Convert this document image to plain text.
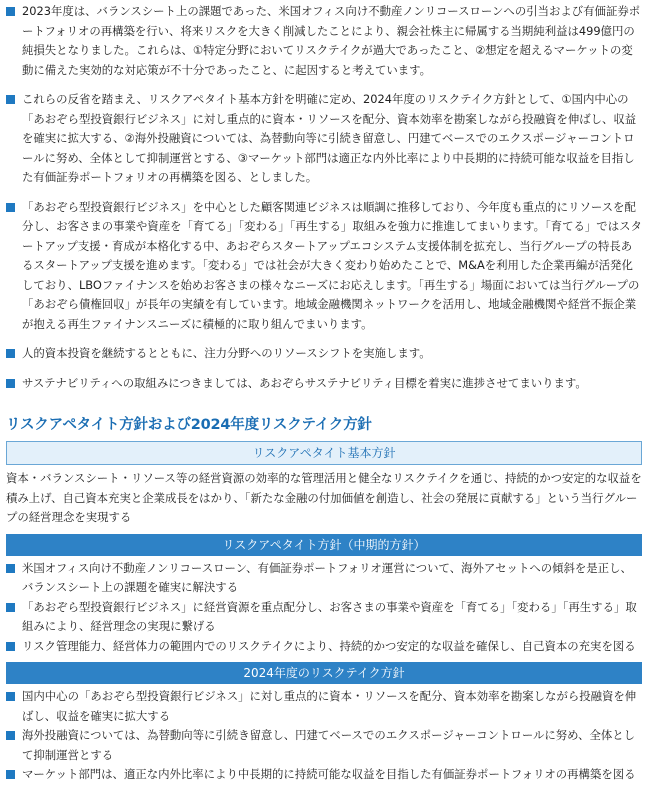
2023年度は、バランスシート上の課題であった、米国オフィス向け不動産ノンリコースローンへの引当および有価証券ポートフォリオの再構築を行い、将来リスクを大きく削減したことにより、親会社株主に帰属する当期純利益は499億円の純損失となりました。これらは、①特定分野においてリスクテイクが過大であったこと、②想定を超えるマーケットの変動に備えた実効的な対応策が不十分であったこと、に起因すると考えています。
これらの反省を踏まえ、リスクアペタイト基本方針を明確に定め、2024年度のリスクテイク方針として、①国内中心の「あおぞら型投資銀行ビジネス」に対し重点的に資本・リソースを配分、資本効率を勘案しながら投融資を伸ばし、収益を確実に拡大する、②海外投融資については、為替動向等に引続き留意し、円建てベースでのエクスポージャーコントロールに努め、全体として抑制運営とする、③マーケット部門は適正な内外比率により中長期的に持続可能な収益を目指した有価証券ポートフォリオの再構築を図る、としました。
「あおぞら型投資銀行ビジネス」を中心とした顧客関連ビジネスは順調に推移しており、今年度も重点的にリソースを配分し、お客さまの事業や資産を「育てる」「変わる」「再生する」取組みを強力に推進してまいります。「育てる」ではスタートアップ支援・育成が本格化する中、あおぞらスタートアップエコシステム支援体制を拡充し、当行グループの特長あるスタートアップ支援を進めます。「変わる」では社会が大きく変わり始めたことで、M&Aを利用した企業再編が活発化しており、LBOファイナンスを始めお客さまの様々なニーズにお応えします。「再生する」場面においては当行グループの「あおぞら債権回収」が長年の実績を有しています。地域金融機関ネットワークを活用し、地域金融機関や経営不振企業が抱える再生ファイナンスニーズに積極的に取り組んでまいります。
人的資本投資を継続するとともに、注力分野へのリソースシフトを実施します。
サステナビリティへの取組みにつきましては、あおぞらサステナビリティ目標を着実に進捗させてまいります。
リスクアペタイト方針および2024年度リスクテイク方針
リスクアペタイト基本方針
資本・バランスシート・リソース等の経営資源の効率的な管理活用と健全なリスクテイクを通じ、持続的かつ安定的な収益を積み上げ、自己資本充実と企業成長をはかり、「新たな金融の付加価値を創造し、社会の発展に貢献する」という当行グループの経営理念を実現する
リスクアペタイト方針（中期的方針）
米国オフィス向け不動産ノンリコースローン、有価証券ポートフォリオ運営について、海外アセットへの傾斜を是正し、バランスシート上の課題を確実に解決する
「あおぞら型投資銀行ビジネス」に経営資源を重点配分し、お客さまの事業や資産を「育てる」「変わる」「再生する」取組みにより、経営理念の実現に繋げる
リスク管理能力、経営体力の範囲内でのリスクテイクにより、持続的かつ安定的な収益を確保し、自己資本の充実を図る
2024年度のリスクテイク方針
国内中心の「あおぞら型投資銀行ビジネス」に対し重点的に資本・リソースを配分、資本効率を勘案しながら投融資を伸ばし、収益を確実に拡大する
海外投融資については、為替動向等に引続き留意し、円建てベースでのエクスポージャーコントロールに努め、全体として抑制運営とする
マーケット部門は、適正な内外比率により中長期的に持続可能な収益を目指した有価証券ポートフォリオの再構築を図る
